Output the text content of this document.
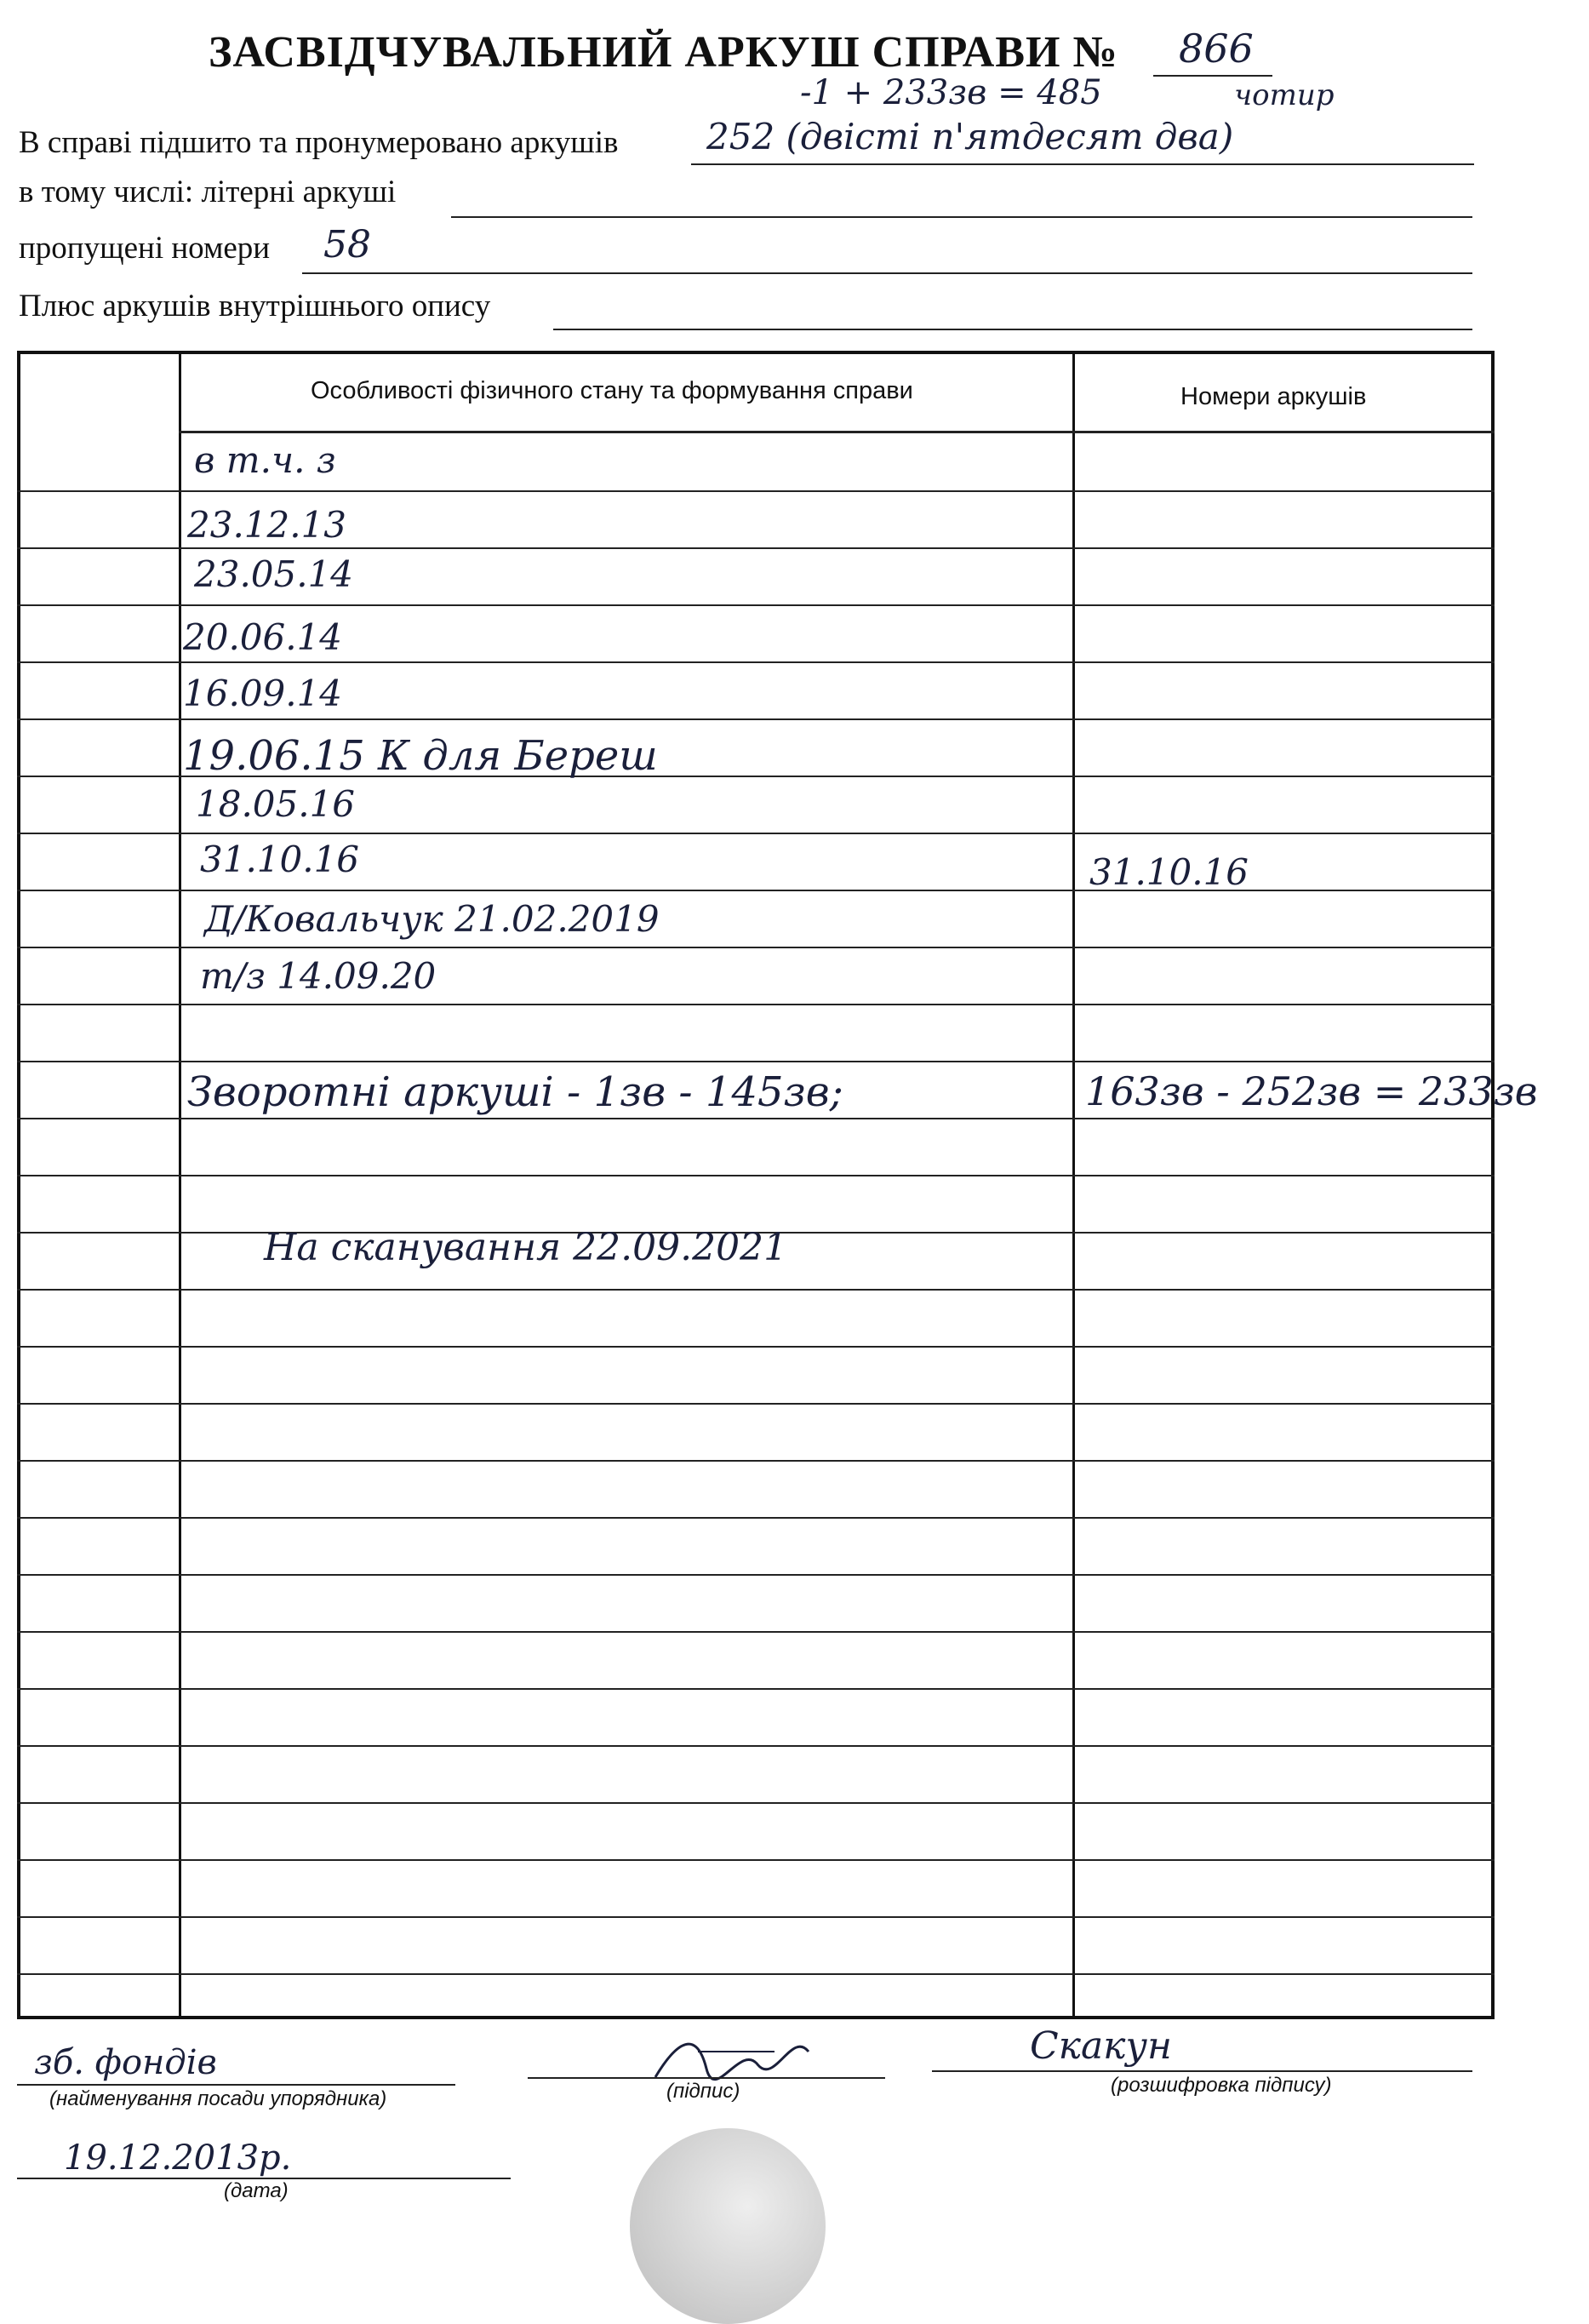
ЗАСВІДЧУВАЛЬНИЙ АРКУШ СПРАВИ № 866
-1 + 233зв = 485	чотир
В справі підшито та пронумеровано аркушів 252 (двісті п'ятдесят два)
в тому числі: літерні аркуші
пропущені номери 58
Плюс аркушів внутрішнього опису
Особливості фізичного стану та формування справи	Номери аркушів
в т.ч. з
23.12.13
23.05.14
20.06.14
16.09.14
19.06.15 К для Береш
18.05.16
31.10.16	31.10.16
Д/Ковальчук 21.02.2019
т/з 14.09.20
Зворотні аркуші - 1зв - 145зв;	163зв - 252зв = 233зв
На сканування 22.09.2021
зб. фондів
(найменування посади упорядника)	(підпис)
Скакун
(розшифровка підпису)
19.12.2013р.
(дата)
